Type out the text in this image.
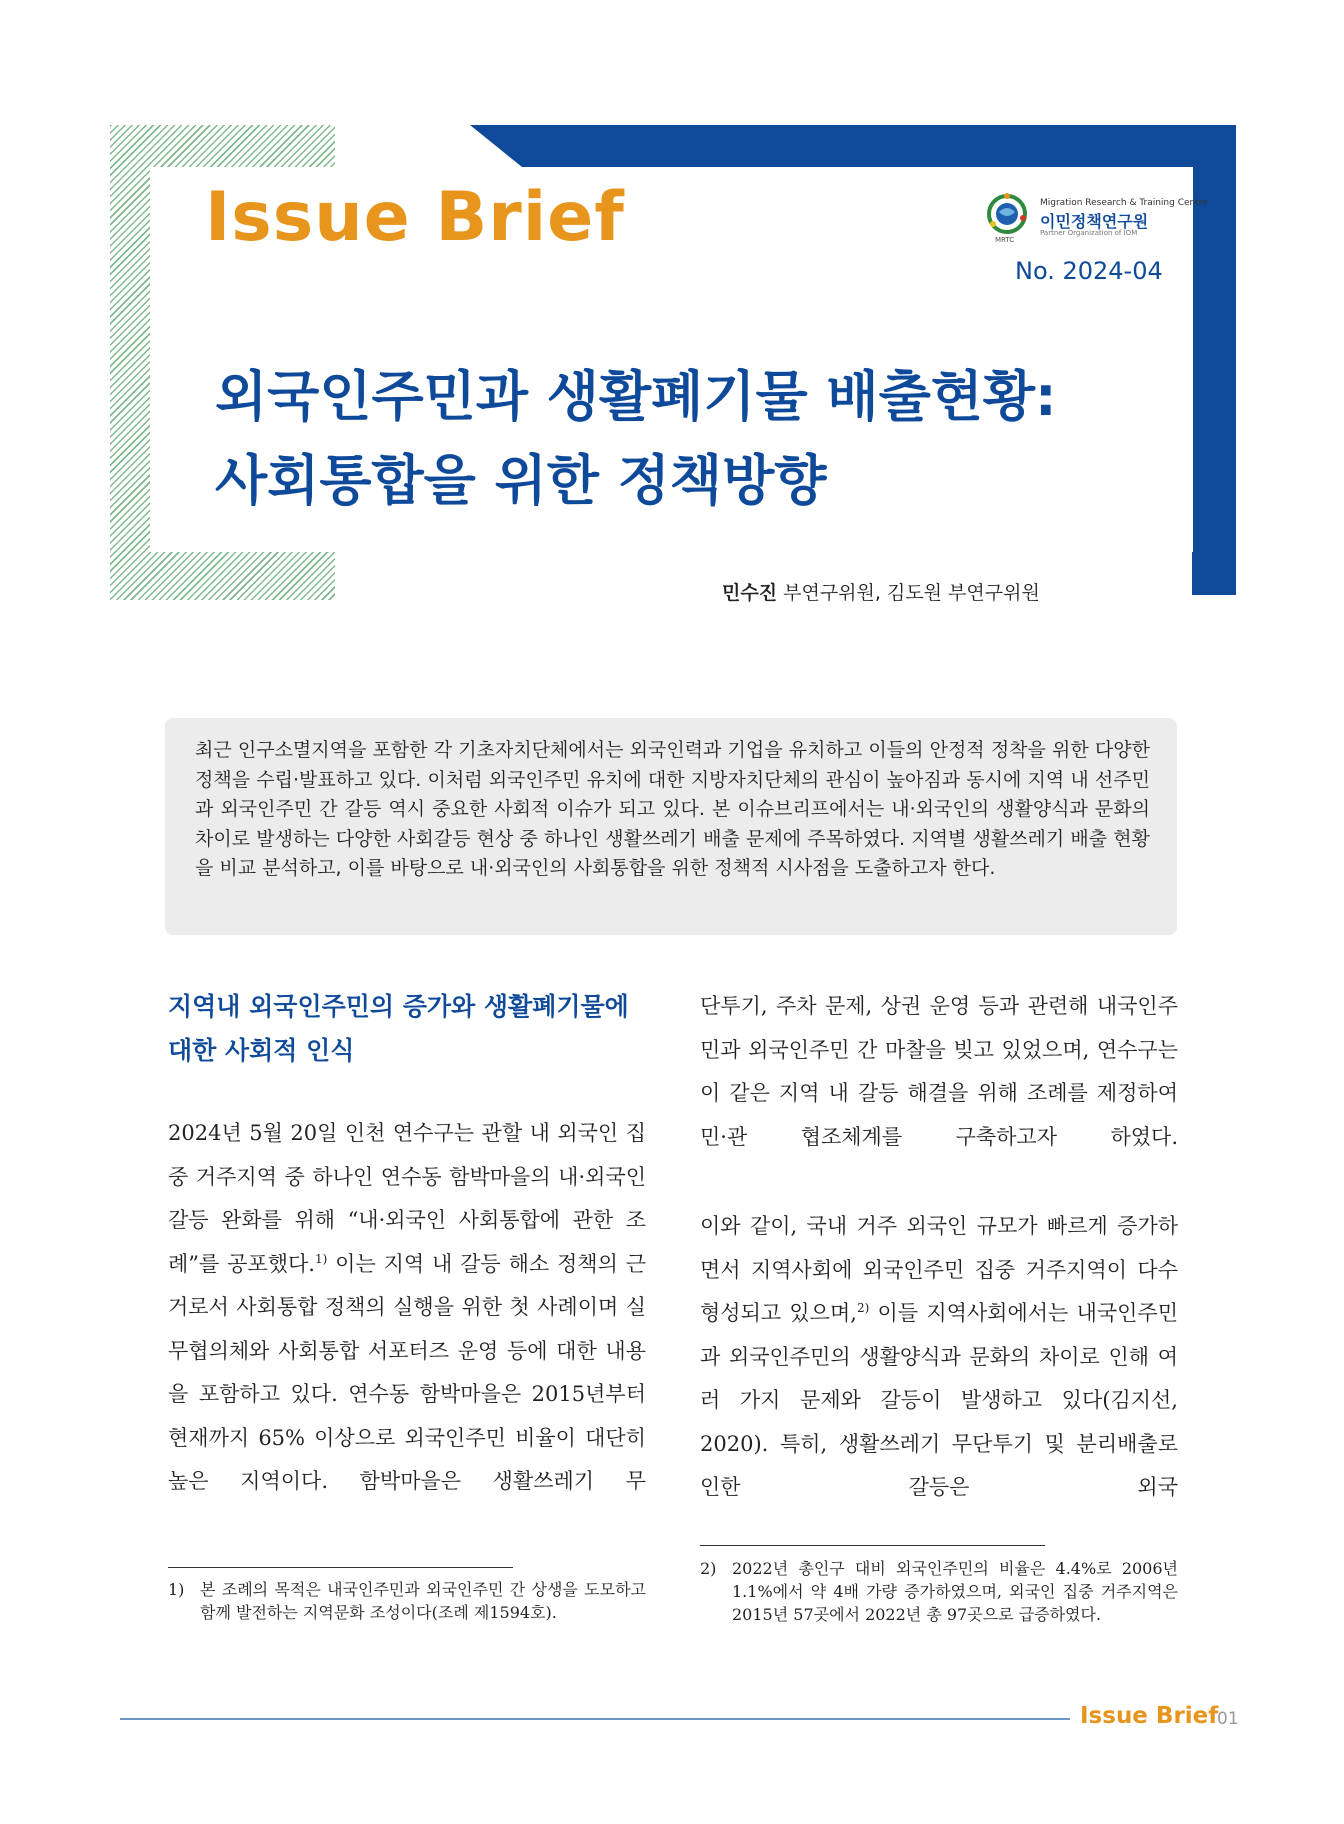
Issue Brief	MRTC
Migration Research & Training Centre
이민정책연구원
Partner Organization of IOM
No. 2024-04
외국인주민과 생활폐기물 배출현황:
사회통합을 위한 정책방향
민수진 부연구위원, 김도원 부연구위원
최근 인구소멸지역을 포함한 각 기초자치단체에서는 외국인력과 기업을 유치하고 이들의 안정적 정착을 위한 다양한 정책을 수립·발표하고 있다. 이처럼 외국인주민 유치에 대한 지방자치단체의 관심이 높아짐과 동시에 지역 내 선주민과 외국인주민 간 갈등 역시 중요한 사회적 이슈가 되고 있다. 본 이슈브리프에서는 내·외국인의 생활양식과 문화의 차이로 발생하는 다양한 사회갈등 현상 중 하나인 생활쓰레기 배출 문제에 주목하였다. 지역별 생활쓰레기 배출 현황을 비교 분석하고, 이를 바탕으로 내·외국인의 사회통합을 위한 정책적 시사점을 도출하고자 한다.
지역내 외국인주민의 증가와 생활폐기물에 대한 사회적 인식
2024년 5월 20일 인천 연수구는 관할 내 외국인 집중 거주지역 중 하나인 연수동 함박마을의 내·외국인 갈등 완화를 위해 “내·외국인 사회통합에 관한 조례”를 공포했다.$^{1)}$ 이는 지역 내 갈등 해소 정책의 근거로서 사회통합 정책의 실행을 위한 첫 사례이며 실무협의체와 사회통합 서포터즈 운영 등에 대한 내용을 포함하고 있다. 연수동 함박마을은 2015년부터 현재까지 65% 이상으로 외국인주민 비율이 대단히 높은 지역이다. 함박마을은 생활쓰레기 무
단투기, 주차 문제, 상권 운영 등과 관련해 내국인주민과 외국인주민 간 마찰을 빚고 있었으며, 연수구는 이 같은 지역 내 갈등 해결을 위해 조례를 제정하여 민·관 협조체계를 구축하고자 하였다.
이와 같이, 국내 거주 외국인 규모가 빠르게 증가하면서 지역사회에 외국인주민 집중 거주지역이 다수 형성되고 있으며,$^{2)}$ 이들 지역사회에서는 내국인주민과 외국인주민의 생활양식과 문화의 차이로 인해 여러 가지 문제와 갈등이 발생하고 있다(김지선, 2020). 특히, 생활쓰레기 무단투기 및 분리배출로 인한 갈등은 외국
1) 본 조례의 목적은 내국인주민과 외국인주민 간 상생을 도모하고 함께 발전하는 지역문화 조성이다(조례 제1594호).
2) 2022년 총인구 대비 외국인주민의 비율은 4.4%로 2006년 1.1%에서 약 4배 가량 증가하였으며, 외국인 집중 거주지역은 2015년 57곳에서 2022년 총 97곳으로 급증하였다.
Issue Brief
01
